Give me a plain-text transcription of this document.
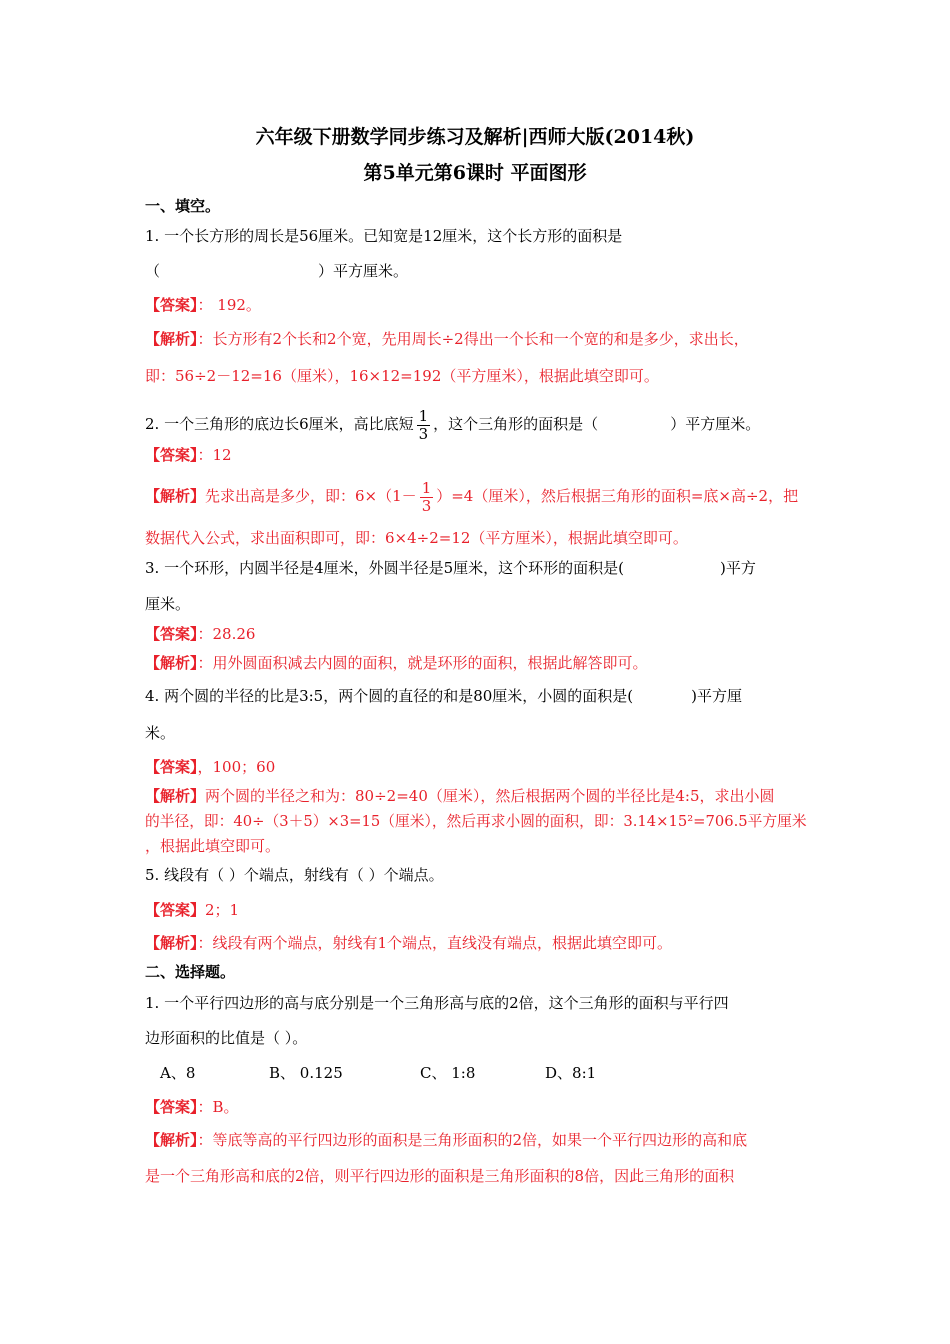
六年级下册数学同步练习及解析|西师大版(2014秋)
第5单元第6课时 平面图形
一、填空。
1. 一个长方形的周长是56厘米。已知宽是12厘米，这个长方形的面积是
（	）平方厘米。
【答案】： 192。
【解析】：长方形有2个长和2个宽，先用周长÷2得出一个长和一个宽的和是多少，求出长，
即：56÷2－12=16（厘米），16×12=192（平方厘米），根据此填空即可。
2. 一个三角形的底边长6厘米，高比底短 $\frac{1}{3}$ ，这个三角形的面积是（	）平方厘米。
【答案】：12
【解析】先求出高是多少，即：$6\times(1- \frac{1}{3} )=4$（厘米），然后根据三角形的面积=底×高÷2，把
数据代入公式，求出面积即可，即：6×4÷2=12（平方厘米），根据此填空即可。
3. 一个环形，内圆半径是4厘米，外圆半径是5厘米，这个环形的面积是(	)平方
厘米。
【答案】：28.26
【解析】：用外圆面积减去内圆的面积，就是环形的面积，根据此解答即可。
4. 两个圆的半径的比是3:5，两个圆的直径的和是80厘米，小圆的面积是(	)平方厘
米。
【答案】，100；60
【解析】两个圆的半径之和为：80÷2=40（厘米），然后根据两个圆的半径比是4:5，求出小圆
的半径，即：40÷（3＋5）×3=15（厘米），然后再求小圆的面积，即：3.14×15²=706.5平方厘米
，根据此填空即可。
5. 线段有（ ）个端点，射线有（ ）个端点。
【答案】2；1
【解析】：线段有两个端点，射线有1个端点，直线没有端点，根据此填空即可。
二、选择题。
1. 一个平行四边形的高与底分别是一个三角形高与底的2倍，这个三角形的面积与平行四
边形面积的比值是（ ）。
A、8	B、 0.125	C、 1:8	D、8:1
【答案】：B。
【解析】：等底等高的平行四边形的面积是三角形面积的2倍，如果一个平行四边形的高和底
是一个三角形高和底的2倍，则平行四边形的面积是三角形面积的8倍，因此三角形的面积
